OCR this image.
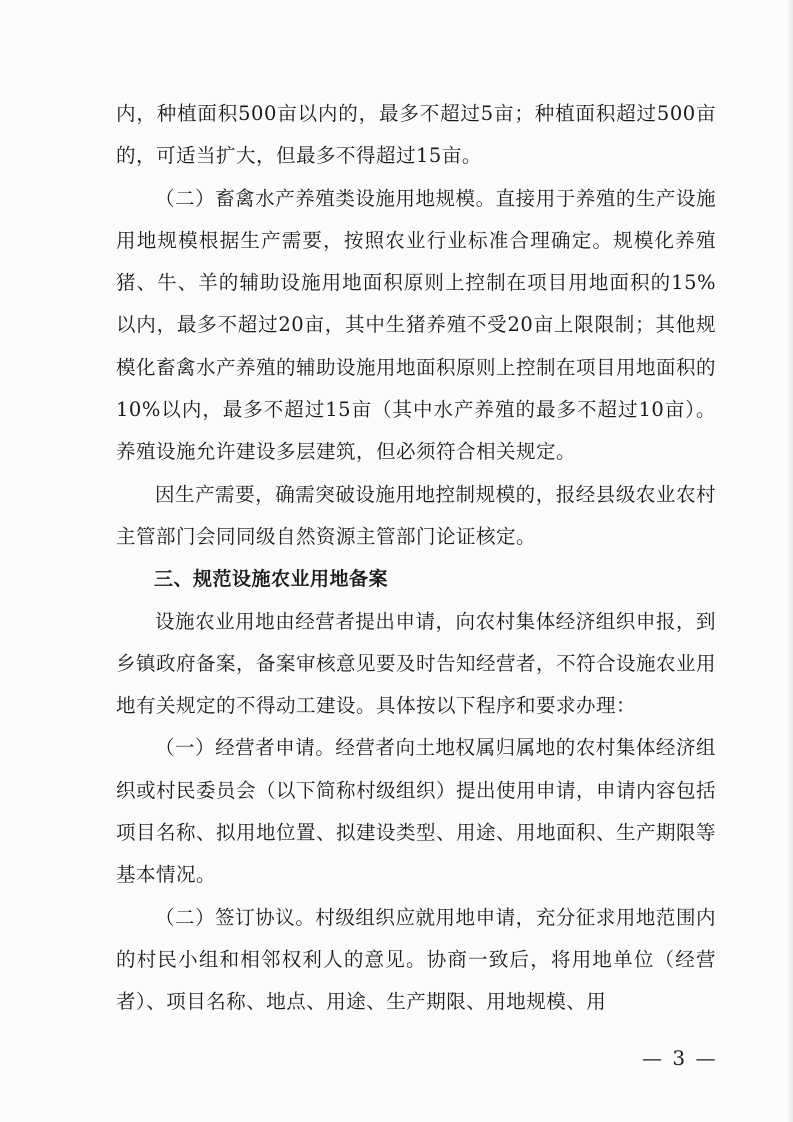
内，种植面积500亩以内的，最多不超过5亩；种植面积超过500亩的，可适当扩大，但最多不得超过15亩。

（二）畜禽水产养殖类设施用地规模。直接用于养殖的生产设施用地规模根据生产需要，按照农业行业标准合理确定。规模化养殖猪、牛、羊的辅助设施用地面积原则上控制在项目用地面积的15%以内，最多不超过20亩，其中生猪养殖不受20亩上限限制；其他规模化畜禽水产养殖的辅助设施用地面积原则上控制在项目用地面积的10%以内，最多不超过15亩（其中水产养殖的最多不超过10亩）。养殖设施允许建设多层建筑，但必须符合相关规定。

因生产需要，确需突破设施用地控制规模的，报经县级农业农村主管部门会同同级自然资源主管部门论证核定。

三、规范设施农业用地备案

设施农业用地由经营者提出申请，向农村集体经济组织申报，到乡镇政府备案，备案审核意见要及时告知经营者，不符合设施农业用地有关规定的不得动工建设。具体按以下程序和要求办理：

（一）经营者申请。经营者向土地权属归属地的农村集体经济组织或村民委员会（以下简称村级组织）提出使用申请，申请内容包括项目名称、拟用地位置、拟建设类型、用途、用地面积、生产期限等基本情况。

（二）签订协议。村级组织应就用地申请，充分征求用地范围内的村民小组和相邻权利人的意见。协商一致后，将用地单位（经营者）、项目名称、地点、用途、生产期限、用地规模、用

— 3 —
